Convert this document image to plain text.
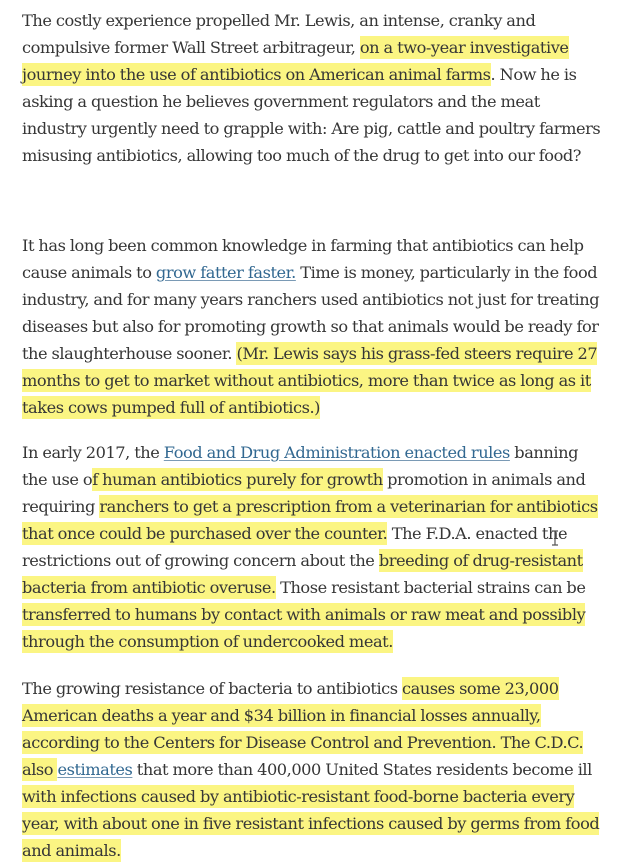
The costly experience propelled Mr. Lewis, an intense, cranky and compulsive former Wall Street arbitrageur, on a two-year investigative journey into the use of antibiotics on American animal farms. Now he is asking a question he believes government regulators and the meat industry urgently need to grapple with: Are pig, cattle and poultry farmers misusing antibiotics, allowing too much of the drug to get into our food?

It has long been common knowledge in farming that antibiotics can help cause animals to grow fatter faster. Time is money, particularly in the food industry, and for many years ranchers used antibiotics not just for treating diseases but also for promoting growth so that animals would be ready for the slaughterhouse sooner. (Mr. Lewis says his grass-fed steers require 27 months to get to market without antibiotics, more than twice as long as it takes cows pumped full of antibiotics.)

In early 2017, the Food and Drug Administration enacted rules banning the use of human antibiotics purely for growth promotion in animals and requiring ranchers to get a prescription from a veterinarian for antibiotics that once could be purchased over the counter. The F.D.A. enacted the restrictions out of growing concern about the breeding of drug-resistant bacteria from antibiotic overuse. Those resistant bacterial strains can be transferred to humans by contact with animals or raw meat and possibly through the consumption of undercooked meat.

The growing resistance of bacteria to antibiotics causes some 23,000 American deaths a year and $34 billion in financial losses annually, according to the Centers for Disease Control and Prevention. The C.D.C. also estimates that more than 400,000 United States residents become ill with infections caused by antibiotic-resistant food-borne bacteria every year, with about one in five resistant infections caused by germs from food and animals.
